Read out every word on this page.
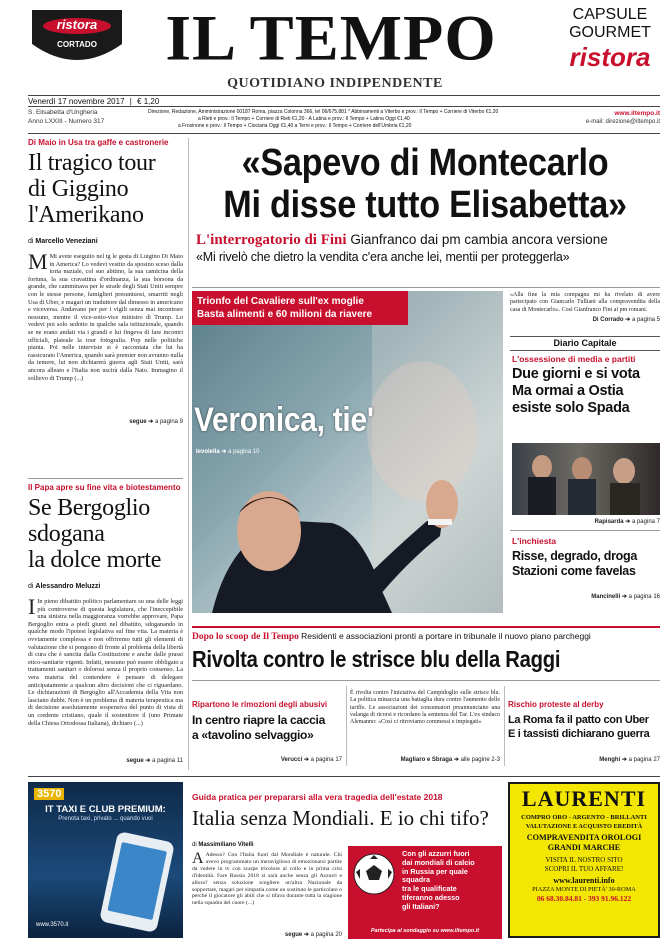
ristora
CORTADO	IL TEMPO
QUOTIDIANO INDIPENDENTE
CAPSULE
GOURMET
ristora
Venerdì 17 novembre 2017 | € 1,20
S. Elisabetta d'Ungheria
Anno LXXIII - Numero 317
Direzione, Redazione, Amministrazione 00187 Roma, piazza Colonna 366, tel 06/675.881 * Abbinamenti a Viterbo e prov.: Il Tempo + Corriere di Viterbo €1,20
a Rieti e prov.: Il Tempo + Corriere di Rieti €1,20 - A Latina e prov.: Il Tempo + Latina Oggi €1,40
a Frosinone e prov.: Il Tempo + Ciociaria Oggi €1,40 a Terni e prov.: Il Tempo + Corriere dell'Umbria €1,20
www.iltempo.it
e-mail: direzione@iltempo.it
Di Maio in Usa tra gaffe e castronerie
Il tragico tour
di Giggino
l'Amerikano
di Marcello Veneziani
M Mi avete eseguito nel tg le gesta di Luigino Di Maio in America? Lo vedevi vestito da sposino sceso dalla torta nuziale, col suo abitino, la sua camicina della fortuna, la sua cravattina d'ordinanza, la sua borsona da grande, che camminava per le strade degli Stati Uniti sempre con le stesse persone, famiglieri presuntuosi, smarriti negli Usa di Uber, e magari un traduttore dal dimesso in americano e viceversa. Andavano per per i vigili senza mai incontrare nessuno, mentre il vice-sotto-vice ministro di Trump. Lo vedevi poi solo sedotto in qualche sala istituzionale, quando se ne erano andati via i grandi e lui fingeva di fare incontri ufficiali, plateale la tour fotografia. Pop nelle politiche pianta. Poi nelle interviste si è raccontata che lui ha rassicurato l'America, quando sarà premier non avranno nulla da temere, lui non dichiarerà guerra agli Stati Uniti, sarà ancora alleato e l'Italia non uscirà dalla Nato. Immagino il sollievo di Trump (...)
segue ➔ a pagina 9
Il Papa apre su fine vita e biotestamento
Se Bergoglio
sdogana
la dolce morte
di Alessandro Meluzzi
I In pieno dibattito politico parlamentare su una delle leggi più controverse di questa legislatura, che l'ineccepibile una sinistra nella maggioranza vorrebbe approvare, Papa Bergoglio entra a piedi giunti nel dibattito, sdoganando in qualche modo l'ipotesi legislativa sul fine vita. La materia è ovviamente complessa e non offriremo tutti gli elementi di valutazione che si pongono di fronte al problema della libertà di cura che è sancita dalla Costituzione e anche dalle prassi etico-sanitarie vigenti. Infatti, nessuno può essere obbligato a trattamenti sanitari o dolorosi senza il proprio consenso. La vera materia del contendere è pensare di delegare anticipatamente a qualcun altro decisioni che ci riguardano. Le dichiarazioni di Bergoglio all'Accademia della Vita non lasciano dubbi. Non è un problema di materia terapeutica ma di decisione assolutamente sospensiva del punto di vista di un credente cristiano, quale il sostenitore il (uno Primate della Chiesa Ortodossa Italiana), dichiaro (...)
segue ➔ a pagina 11
«Sapevo di Montecarlo
Mi disse tutto Elisabetta»
L'interrogatorio di Fini Gianfranco dai pm cambia ancora versione
«Mi rivelò che dietro la vendita c'era anche lei, mentii per proteggerla»
Trionfo del Cavaliere sull'ex moglie
Basta alimenti e 60 milioni da riavere
Veronica, tie'
Ievolella ➔ a pagina 10
«Alla fine la mia compagna mi ha rivelato di avere partecipato con Giancarlo Tulliani alla compravendita della casa di Montecarlo». Così Gianfranco Fini ai pm romani.
Di Corrado ➔ a pagina 5
Diario Capitale
L'ossessione di media e partiti
Due giorni e si vota
Ma ormai a Ostia
esiste solo Spada
Rapisarda ➔ a pagina 7
L'inchiesta
Risse, degrado, droga
Stazioni come favelas
Mancinelli ➔ a pagina 16
Dopo lo scoop de Il Tempo Residenti e associazioni pronti a portare in tribunale il nuovo piano parcheggi
Rivolta contro le strisce blu della Raggi
Ripartono le rimozioni degli abusivi
In centro riapre la caccia
a «tavolino selvaggio»
Verucci ➔ a pagina 17
È rivolta contro l'iniziativa del Campidoglio sulle strisce blu. La politica minaccia una battaglia dura contro l'aumento delle tariffe. Le associazioni dei consumatori preannunciano una valanga di ricorsi e ricordano la sentenza del Tar. L'ex sindaco Alemanno: «Così ci ritroviamo commessi e impiegati»
Magliaro e Sbraga ➔ alle pagine 2-3
Rischio proteste al derby
La Roma fa il patto con Uber
E i tassisti dichiarano guerra
Menghi ➔ a pagina 27
3570
IT TAXI E CLUB PREMIUM:
Prenota taxi, privato ... quando vuoi
www.3570.it
Guida pratica per prepararsi alla vera tragedia dell'estate 2018
Italia senza Mondiali. E io chi tifo?
di Massimiliano Vitelli
A Adesso? Con l'Italia fuori dal Mondiale è naturale. Chi avevo programmato un meraviglioso di emozionarsi partite da vedere in tv con scarpe tricolore al collo e in prima crisi d'identità. Fare Russia 2018 si sarà anche senza gli Azzurri e allora? senza soluzione scegliere un'altra Nazionale da sopportare, magari per simpatia come un sostituto le particolare o perché il giocatore gli abili che si tifava durante tutta la stagione nella squadra del cuore (...)
segue ➔ a pagina 20
Con gli azzurri fuori
dai mondiali di calcio
in Russia per quale
squadra
tra le qualificate
tiferanno adesso
gli Italiani?
Partecipa al sondaggio su www.iltempo.it
LAURENTI
COMPRO ORO - ARGENTO - BRILLANTI
VALUTAZIONE E ACQUISTO EREDITÀ
COMPRAVENDITA OROLOGI
GRANDI MARCHE
VISITA IL NOSTRO SITO
SCOPRI IL TUO AFFARE!
www.laurenti.info
PIAZZA MONTE DI PIETÀ' 30-ROMA
06 68.30.84.81 - 393 91.96.122
